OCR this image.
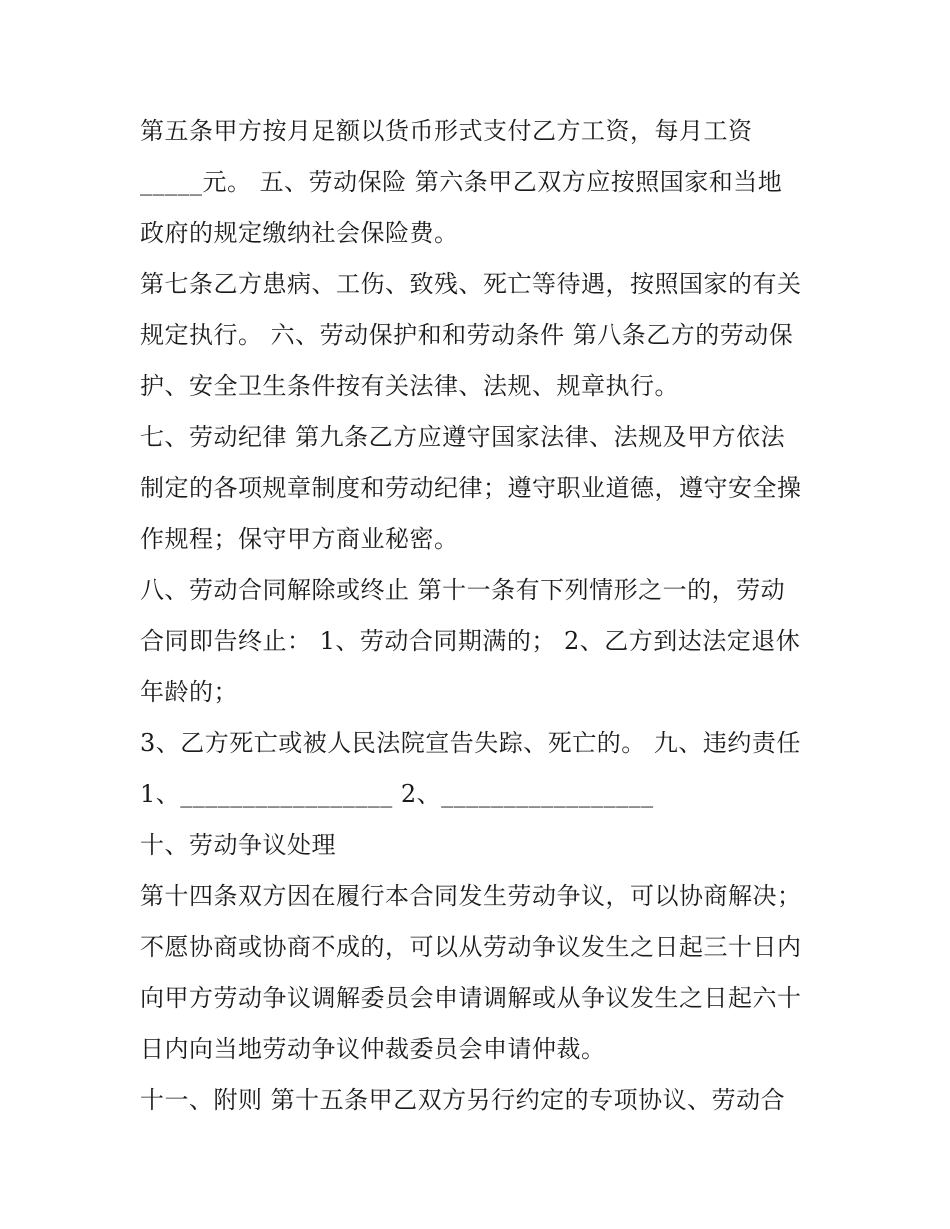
第五条甲方按月足额以货币形式支付乙方工资，每月工资
_____元。 五、劳动保险 第六条甲乙双方应按照国家和当地
政府的规定缴纳社会保险费。
第七条乙方患病、工伤、致残、死亡等待遇，按照国家的有关
规定执行。 六、劳动保护和和劳动条件 第八条乙方的劳动保
护、安全卫生条件按有关法律、法规、规章执行。
七、劳动纪律 第九条乙方应遵守国家法律、法规及甲方依法
制定的各项规章制度和劳动纪律；遵守职业道德，遵守安全操
作规程；保守甲方商业秘密。
八、劳动合同解除或终止 第十一条有下列情形之一的，劳动
合同即告终止： 1、劳动合同期满的； 2、乙方到达法定退休
年龄的；
3、乙方死亡或被人民法院宣告失踪、死亡的。 九、违约责任
1、_________________ 2、_________________
十、劳动争议处理
第十四条双方因在履行本合同发生劳动争议，可以协商解决；
不愿协商或协商不成的，可以从劳动争议发生之日起三十日内
向甲方劳动争议调解委员会申请调解或从争议发生之日起六十
日内向当地劳动争议仲裁委员会申请仲裁。
十一、附则 第十五条甲乙双方另行约定的专项协议、劳动合
